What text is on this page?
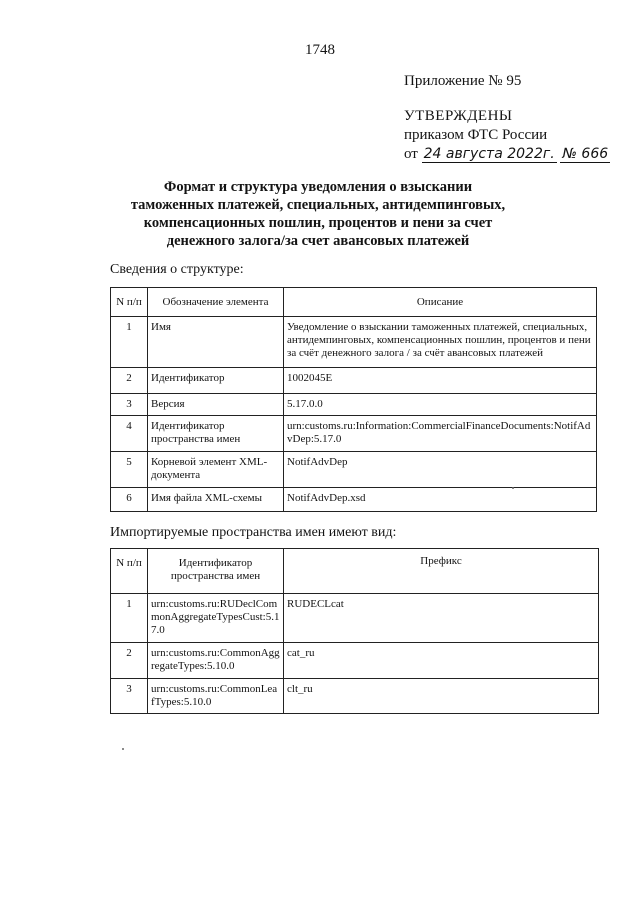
1748
Приложение № 95
УТВЕРЖДЕНЫ
приказом ФТС России
от 24 августа 2022г. № 666
Формат и структура уведомления о взыскании таможенных платежей, специальных, антидемпинговых, компенсационных пошлин, процентов и пени за счет денежного залога/за счет авансовых платежей
Сведения о структуре:
N п/п	Обозначение элемента	Описание
1	Имя	Уведомление о взыскании таможенных платежей, специальных, антидемпинговых, компенсационных пошлин, процентов и пени за счёт денежного залога / за счёт авансовых платежей
2	Идентификатор	1002045E
3	Версия	5.17.0.0
4	Идентификатор пространства имен	urn:customs.ru:Information:CommercialFinanceDocuments:NotifAdvDep:5.17.0
5	Корневой элемент XML-документа	NotifAdvDep
6	Имя файла XML-схемы	NotifAdvDep.xsd
Импортируемые пространства имен имеют вид:
N п/п	Идентификатор пространства имен	Префикс
1	urn:customs.ru:RUDeclCommonAggregateTypesCust:5.17.0	RUDECLcat
2	urn:customs.ru:CommonAggregateTypes:5.10.0	cat_ru
3	urn:customs.ru:CommonLeafTypes:5.10.0	clt_ru
